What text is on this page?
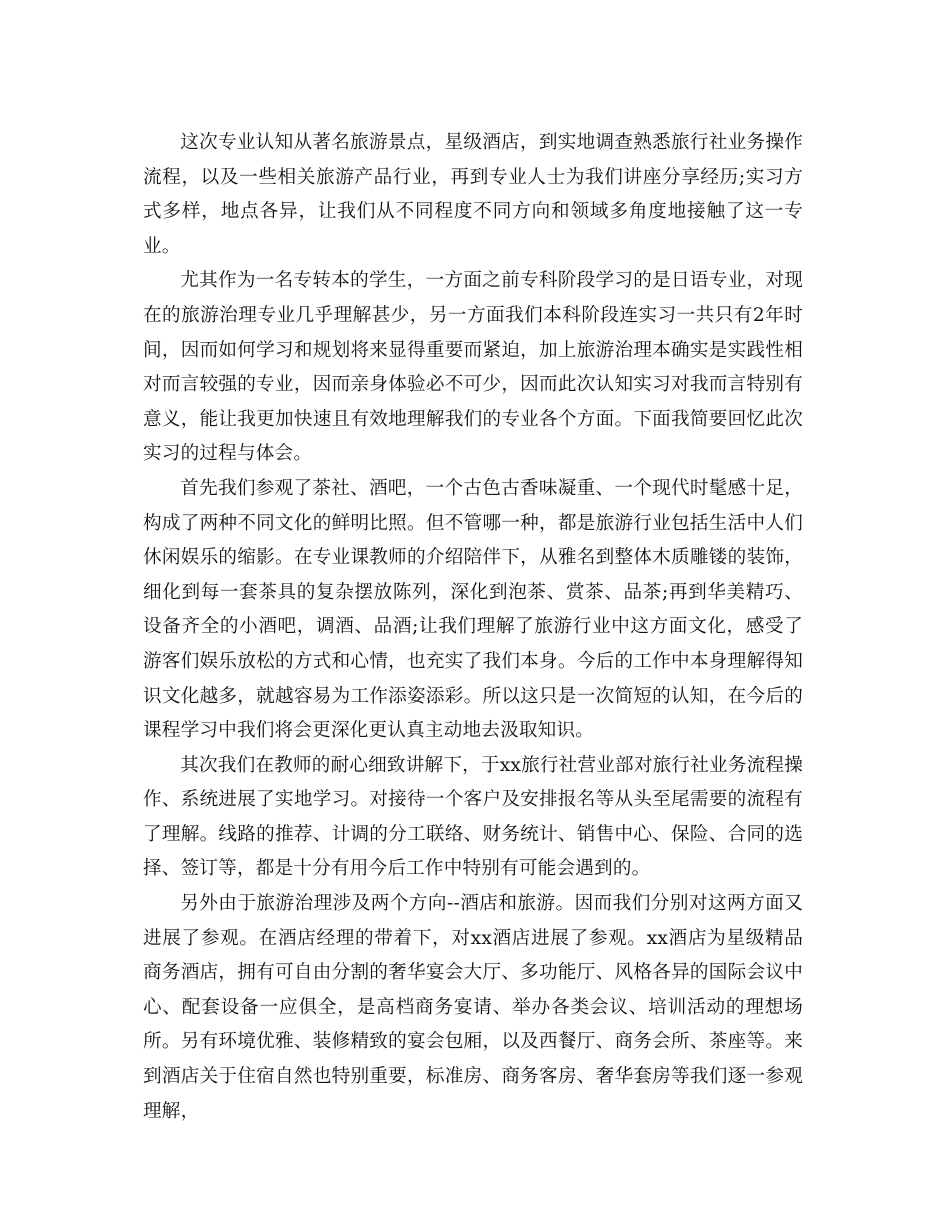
这次专业认知从著名旅游景点，星级酒店，到实地调查熟悉旅行社业务操作流程，以及一些相关旅游产品行业，再到专业人士为我们讲座分享经历;实习方式多样，地点各异，让我们从不同程度不同方向和领域多角度地接触了这一专业。

尤其作为一名专转本的学生，一方面之前专科阶段学习的是日语专业，对现在的旅游治理专业几乎理解甚少，另一方面我们本科阶段连实习一共只有2年时间，因而如何学习和规划将来显得重要而紧迫，加上旅游治理本确实是实践性相对而言较强的专业，因而亲身体验必不可少，因而此次认知实习对我而言特别有意义，能让我更加快速且有效地理解我们的专业各个方面。下面我简要回忆此次实习的过程与体会。

首先我们参观了茶社、酒吧，一个古色古香味凝重、一个现代时髦感十足，构成了两种不同文化的鲜明比照。但不管哪一种，都是旅游行业包括生活中人们休闲娱乐的缩影。在专业课教师的介绍陪伴下，从雅名到整体木质雕镂的装饰，细化到每一套茶具的复杂摆放陈列，深化到泡茶、赏茶、品茶;再到华美精巧、设备齐全的小酒吧，调酒、品酒;让我们理解了旅游行业中这方面文化，感受了游客们娱乐放松的方式和心情，也充实了我们本身。今后的工作中本身理解得知识文化越多，就越容易为工作添姿添彩。所以这只是一次简短的认知，在今后的课程学习中我们将会更深化更认真主动地去汲取知识。

其次我们在教师的耐心细致讲解下，于xx旅行社营业部对旅行社业务流程操作、系统进展了实地学习。对接待一个客户及安排报名等从头至尾需要的流程有了理解。线路的推荐、计调的分工联络、财务统计、销售中心、保险、合同的选择、签订等，都是十分有用今后工作中特别有可能会遇到的。

另外由于旅游治理涉及两个方向--酒店和旅游。因而我们分别对这两方面又进展了参观。在酒店经理的带着下，对xx酒店进展了参观。xx酒店为星级精品商务酒店，拥有可自由分割的奢华宴会大厅、多功能厅、风格各异的国际会议中心、配套设备一应俱全，是高档商务宴请、举办各类会议、培训活动的理想场所。另有环境优雅、装修精致的宴会包厢，以及西餐厅、商务会所、茶座等。来到酒店关于住宿自然也特别重要，标准房、商务客房、奢华套房等我们逐一参观理解，
